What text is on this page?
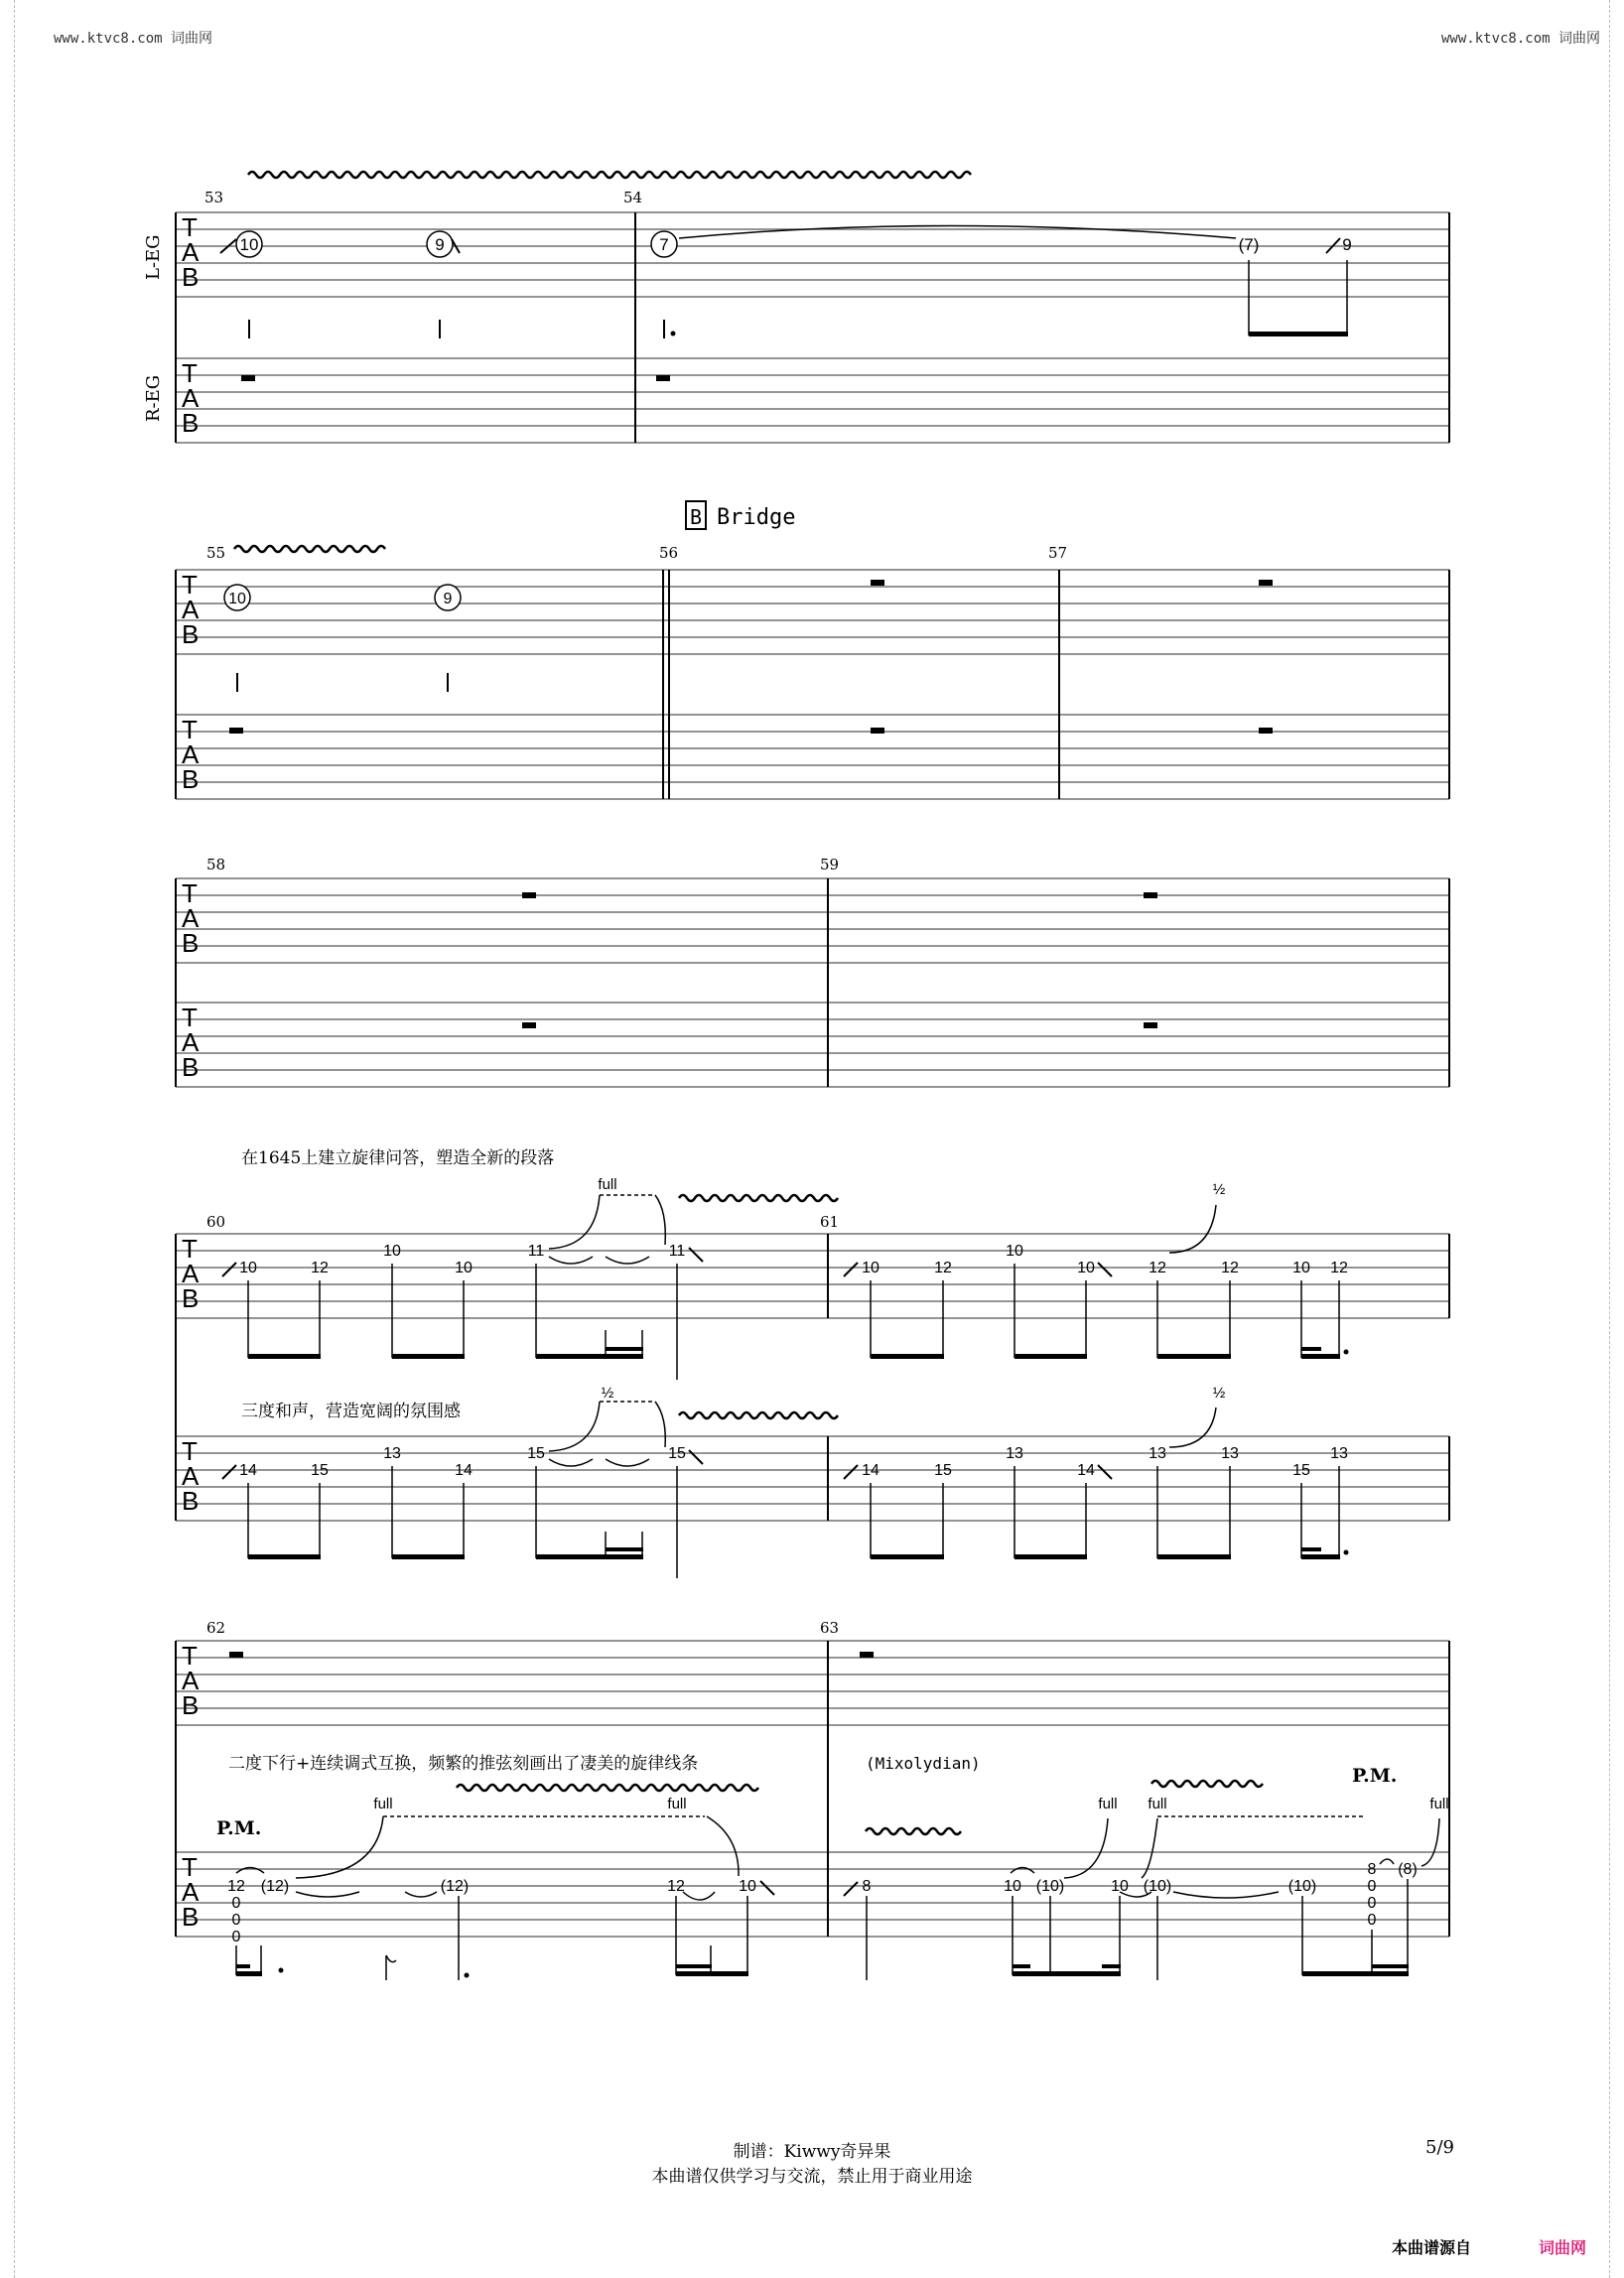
www.ktvc8.com 词曲网	www.ktvc8.com 词曲网
L-EG
R-EG
T
A
B
T
A
B
53	54
10	9	7	(7)	9
B Bridge
T
A
B
T
A
B
55	56	57
10	9
T
A
B
T
A
B
58	59
在1645上建立旋律问答，塑造全新的段落
T
A
B
60	61
10	12
10
10
11	11
10	12
10
10	12	12	10 12
full	½
三度和声，营造宽阔的氛围感
T
A
B
14	15
13
14
15	15
14	15
13
14
13	13
15
13
½	½
T
A
B
T
A
B
62	63
二度下行+连续调式互换，频繁的推弦刻画出了凄美的旋律线条	(Mixolydian)
P.M.
P.M.
12
0
0
0
(12)	(12)	12	10
full	full
8	10 (10)	10 (10)	(10)
8
0
0
0
(8)
full full	full
制谱：Kiwwy奇异果
本曲谱仅供学习与交流，禁止用于商业用途
5/9
本曲谱源自	词曲网
